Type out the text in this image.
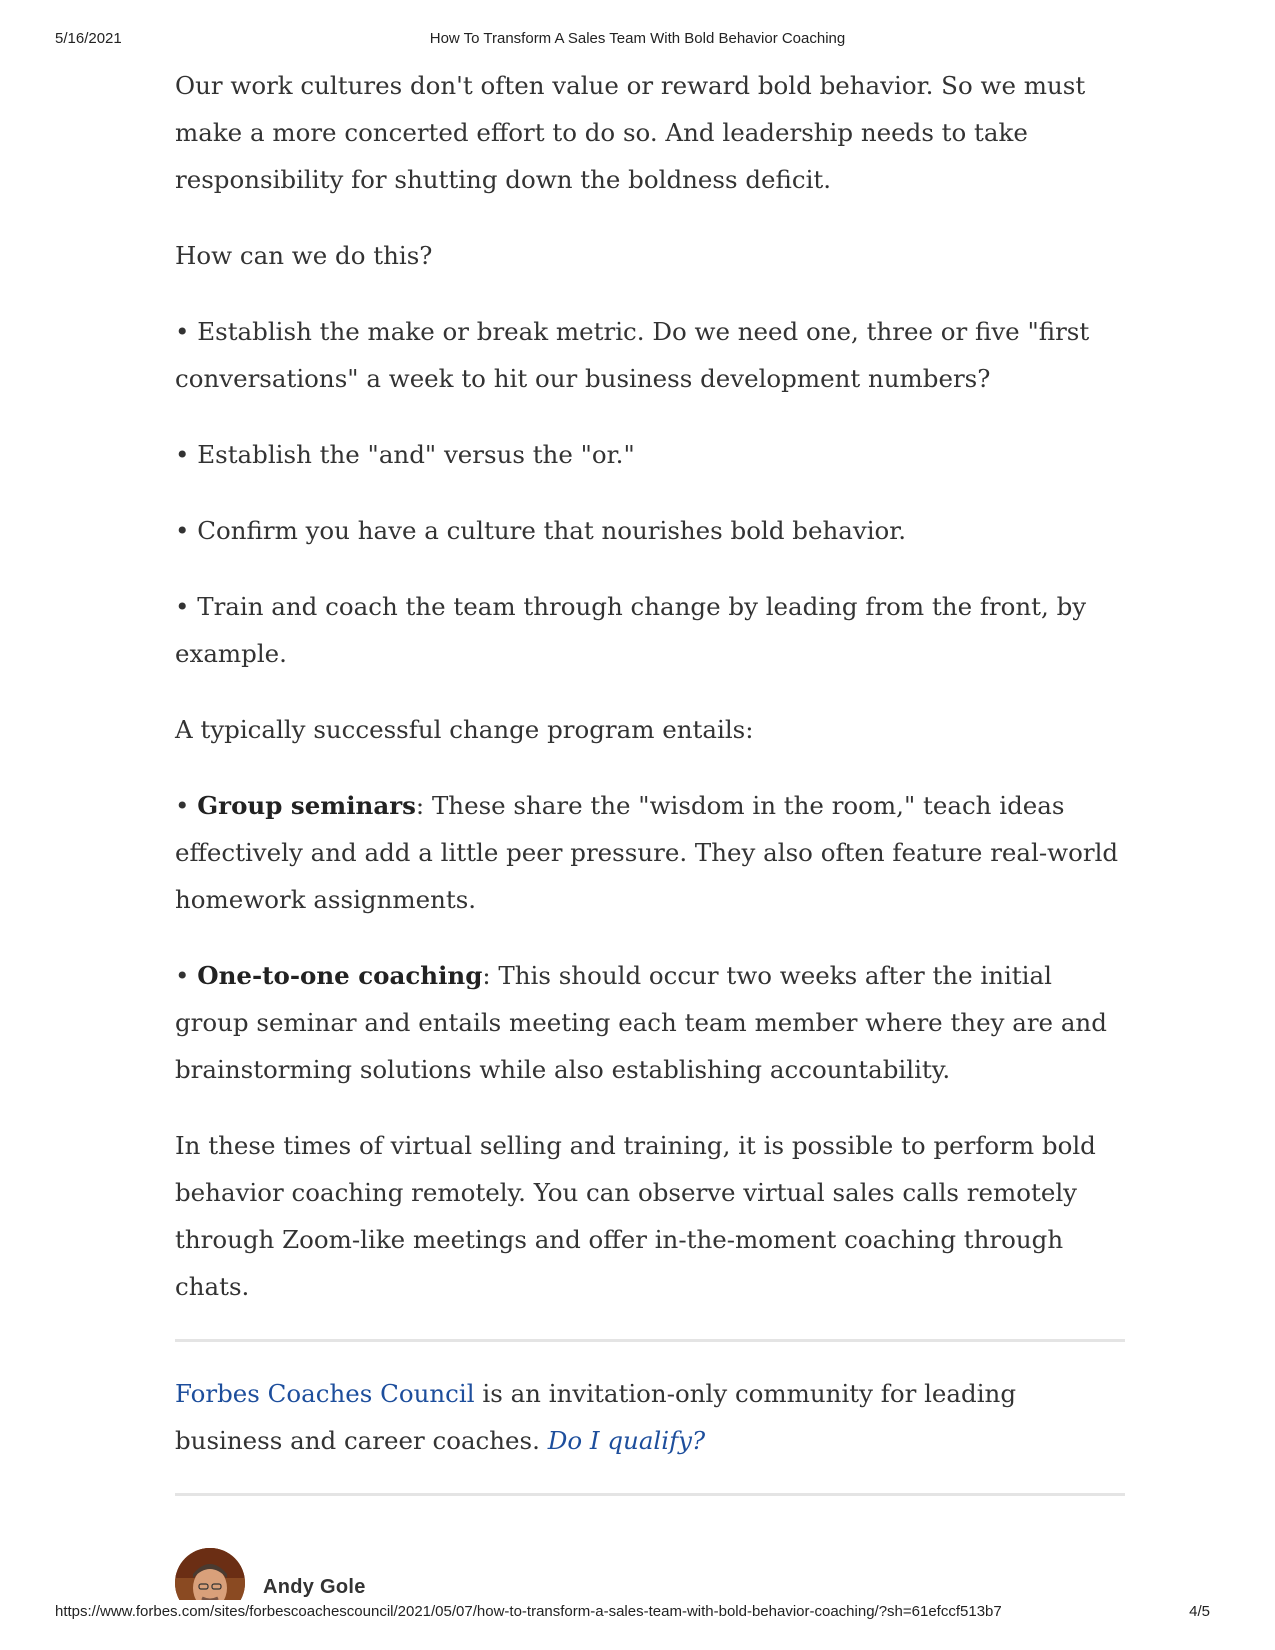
5/16/2021	How To Transform A Sales Team With Bold Behavior Coaching

Our work cultures don't often value or reward bold behavior. So we must make a more concerted effort to do so. And leadership needs to take responsibility for shutting down the boldness deficit.

How can we do this?

• Establish the make or break metric. Do we need one, three or five "first conversations" a week to hit our business development numbers?

• Establish the "and" versus the "or."

• Confirm you have a culture that nourishes bold behavior.

• Train and coach the team through change by leading from the front, by example.

A typically successful change program entails:

• Group seminars: These share the "wisdom in the room," teach ideas effectively and add a little peer pressure. They also often feature real-world homework assignments.

• One-to-one coaching: This should occur two weeks after the initial group seminar and entails meeting each team member where they are and brainstorming solutions while also establishing accountability.

In these times of virtual selling and training, it is possible to perform bold behavior coaching remotely. You can observe virtual sales calls remotely through Zoom-like meetings and offer in-the-moment coaching through chats.

Forbes Coaches Council is an invitation-only community for leading business and career coaches. Do I qualify?

Andy Gole
https://www.forbes.com/sites/forbescoachescouncil/2021/05/07/how-to-transform-a-sales-team-with-bold-behavior-coaching/?sh=61efccf513b7	4/5
